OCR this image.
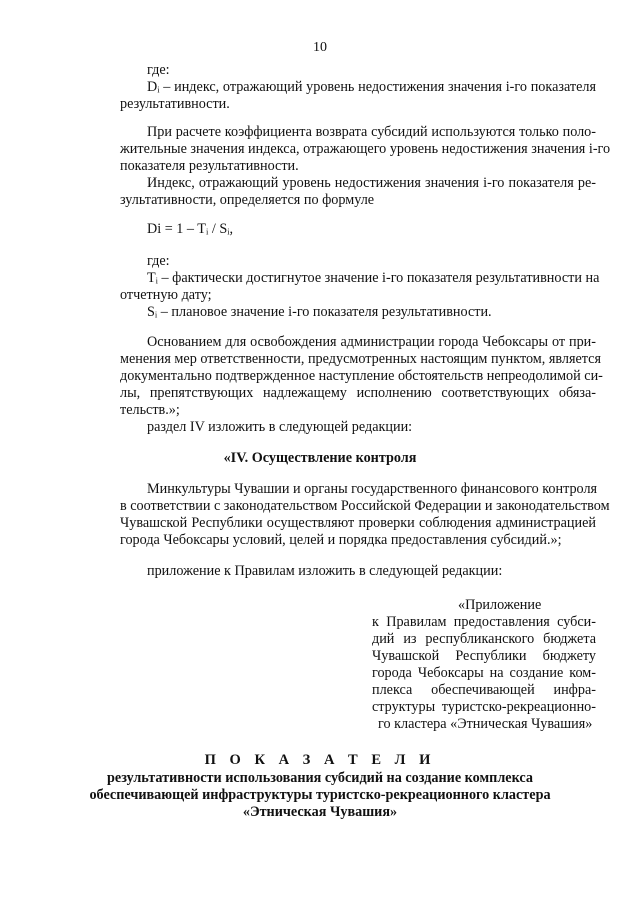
10
где:
Dᵢ – индекс, отражающий уровень недостижения значения i-го показателя
результативности.
При расчете коэффициента возврата субсидий используются только поло-
жительные значения индекса, отражающего уровень недостижения значения i-го
показателя результативности.
Индекс, отражающий уровень недостижения значения i-го показателя ре-
зультативности, определяется по формуле
Di = 1 – Tᵢ / Sᵢ,
где:
Tᵢ – фактически достигнутое значение i-го показателя результативности на
отчетную дату;
Sᵢ – плановое значение i-го показателя результативности.
Основанием для освобождения администрации города Чебоксары от при-
менения мер ответственности, предусмотренных настоящим пунктом, является
документально подтвержденное наступление обстоятельств непреодолимой си-
лы, препятствующих надлежащему исполнению соответствующих обяза-
тельств.»;
раздел IV изложить в следующей редакции:
«IV. Осуществление контроля
Минкультуры Чувашии и органы государственного финансового контроля
в соответствии с законодательством Российской Федерации и законодательством
Чувашской Республики осуществляют проверки соблюдения администрацией
города Чебоксары условий, целей и порядка предоставления субсидий.»;
приложение к Правилам изложить в следующей редакции:
«Приложение
к Правилам предоставления субси-
дий из республиканского бюджета
Чувашской Республики бюджету
города Чебоксары на создание ком-
плекса обеспечивающей инфра-
структуры туристско-рекреационно-
го кластера «Этническая Чувашия»
П О К А З А Т Е Л И
результативности использования субсидий на создание комплекса
обеспечивающей инфраструктуры туристско-рекреационного кластера
«Этническая Чувашия»
